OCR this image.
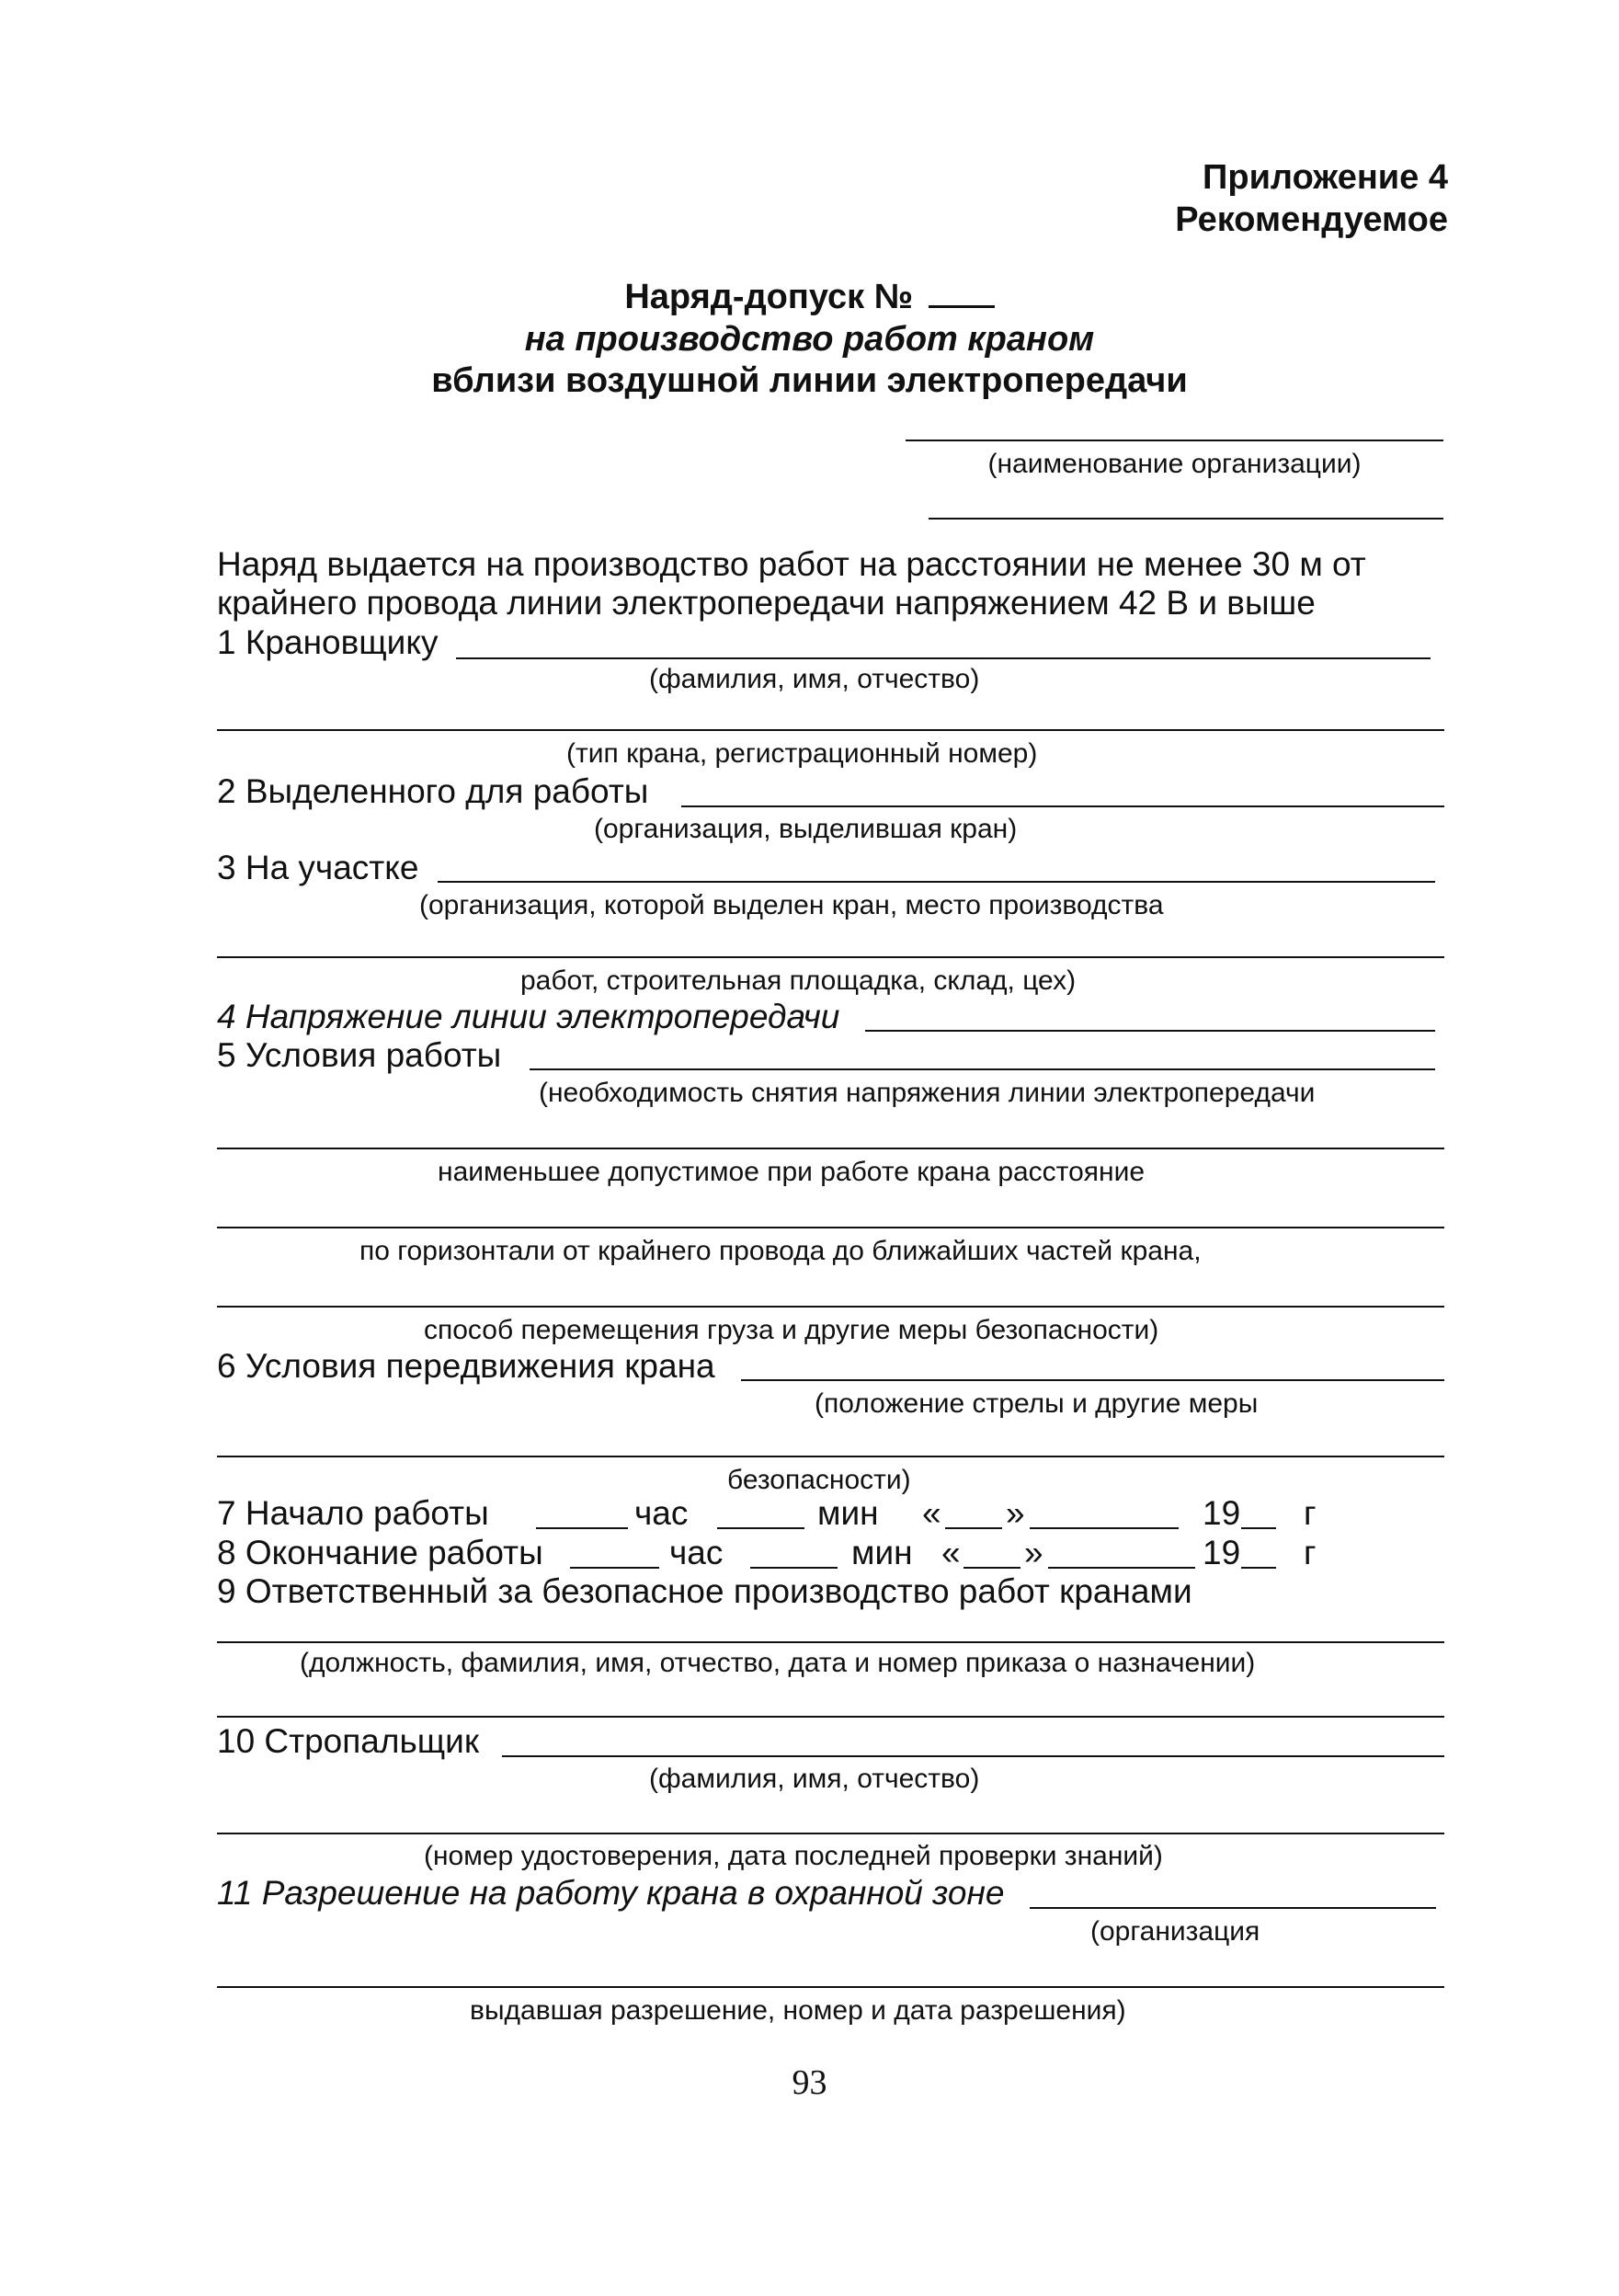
Приложение 4
Рекомендуемое
Наряд-допуск №
на производство работ краном
вблизи воздушной линии электропередачи
(наименование организации)
Наряд выдается на производство работ на расстоянии не менее 30 м от
крайнего провода линии электропередачи напряжением 42 В и выше
1 Крановщику
(фамилия, имя, отчество)
(тип крана, регистрационный номер)
2 Выделенного для работы
(организация, выделившая кран)
3 На участке
(организация, которой выделен кран, место производства
работ, строительная площадка, склад, цех)
4 Напряжение линии электропередачи
5 Условия работы
(необходимость снятия напряжения линии электропередачи
наименьшее допустимое при работе крана расстояние
по горизонтали от крайнего провода до ближайших частей крана,
способ перемещения груза и другие меры безопасности)
6 Условия передвижения крана
(положение стрелы и другие меры
безопасности)
7 Начало работы	час	мин « »	19 г
8 Окончание работы	час	мин « »	19 г
9 Ответственный за безопасное производство работ кранами
(должность, фамилия, имя, отчество, дата и номер приказа о назначении)
10 Стропальщик
(фамилия, имя, отчество)
(номер удостоверения, дата последней проверки знаний)
11 Разрешение на работу крана в охранной зоне
(организация
выдавшая разрешение, номер и дата разрешения)
93
